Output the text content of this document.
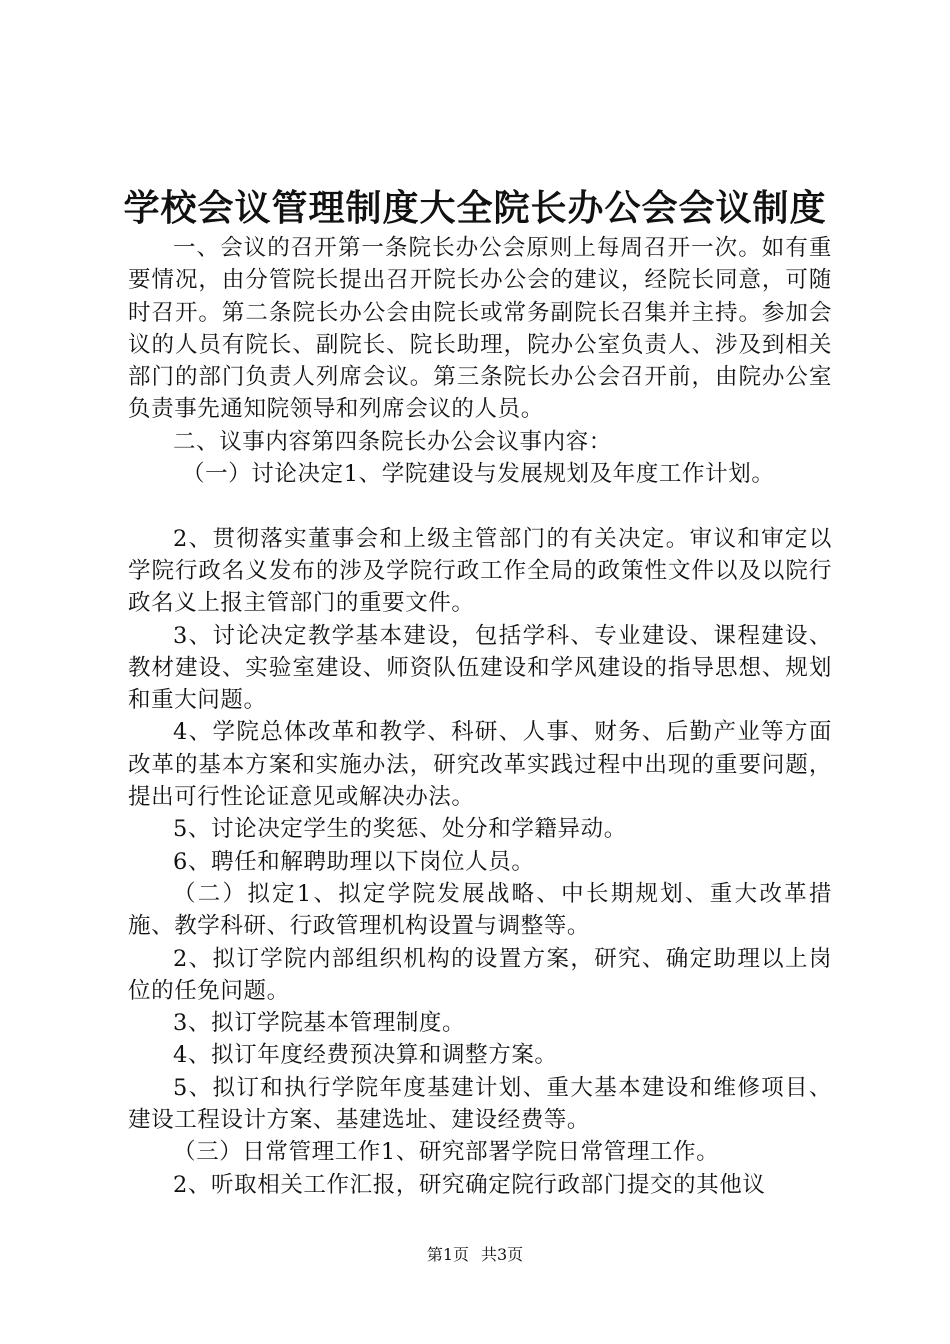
学校会议管理制度大全院长办公会会议制度

一、会议的召开第一条院长办公会原则上每周召开一次。如有重要情况，由分管院长提出召开院长办公会的建议，经院长同意，可随时召开。第二条院长办公会由院长或常务副院长召集并主持。参加会议的人员有院长、副院长、院长助理，院办公室负责人、涉及到相关部门的部门负责人列席会议。第三条院长办公会召开前，由院办公室负责事先通知院领导和列席会议的人员。

二、议事内容第四条院长办公会议事内容：

（一）讨论决定1、学院建设与发展规划及年度工作计划。

2、贯彻落实董事会和上级主管部门的有关决定。审议和审定以学院行政名义发布的涉及学院行政工作全局的政策性文件以及以院行政名义上报主管部门的重要文件。

3、讨论决定教学基本建设，包括学科、专业建设、课程建设、教材建设、实验室建设、师资队伍建设和学风建设的指导思想、规划和重大问题。

4、学院总体改革和教学、科研、人事、财务、后勤产业等方面改革的基本方案和实施办法，研究改革实践过程中出现的重要问题，提出可行性论证意见或解决办法。

5、讨论决定学生的奖惩、处分和学籍异动。

6、聘任和解聘助理以下岗位人员。

（二）拟定1、拟定学院发展战略、中长期规划、重大改革措施、教学科研、行政管理机构设置与调整等。

2、拟订学院内部组织机构的设置方案，研究、确定助理以上岗位的任免问题。

3、拟订学院基本管理制度。

4、拟订年度经费预决算和调整方案。

5、拟订和执行学院年度基建计划、重大基本建设和维修项目、建设工程设计方案、基建选址、建设经费等。

（三）日常管理工作1、研究部署学院日常管理工作。

2、听取相关工作汇报，研究确定院行政部门提交的其他议

第1页 共3页
